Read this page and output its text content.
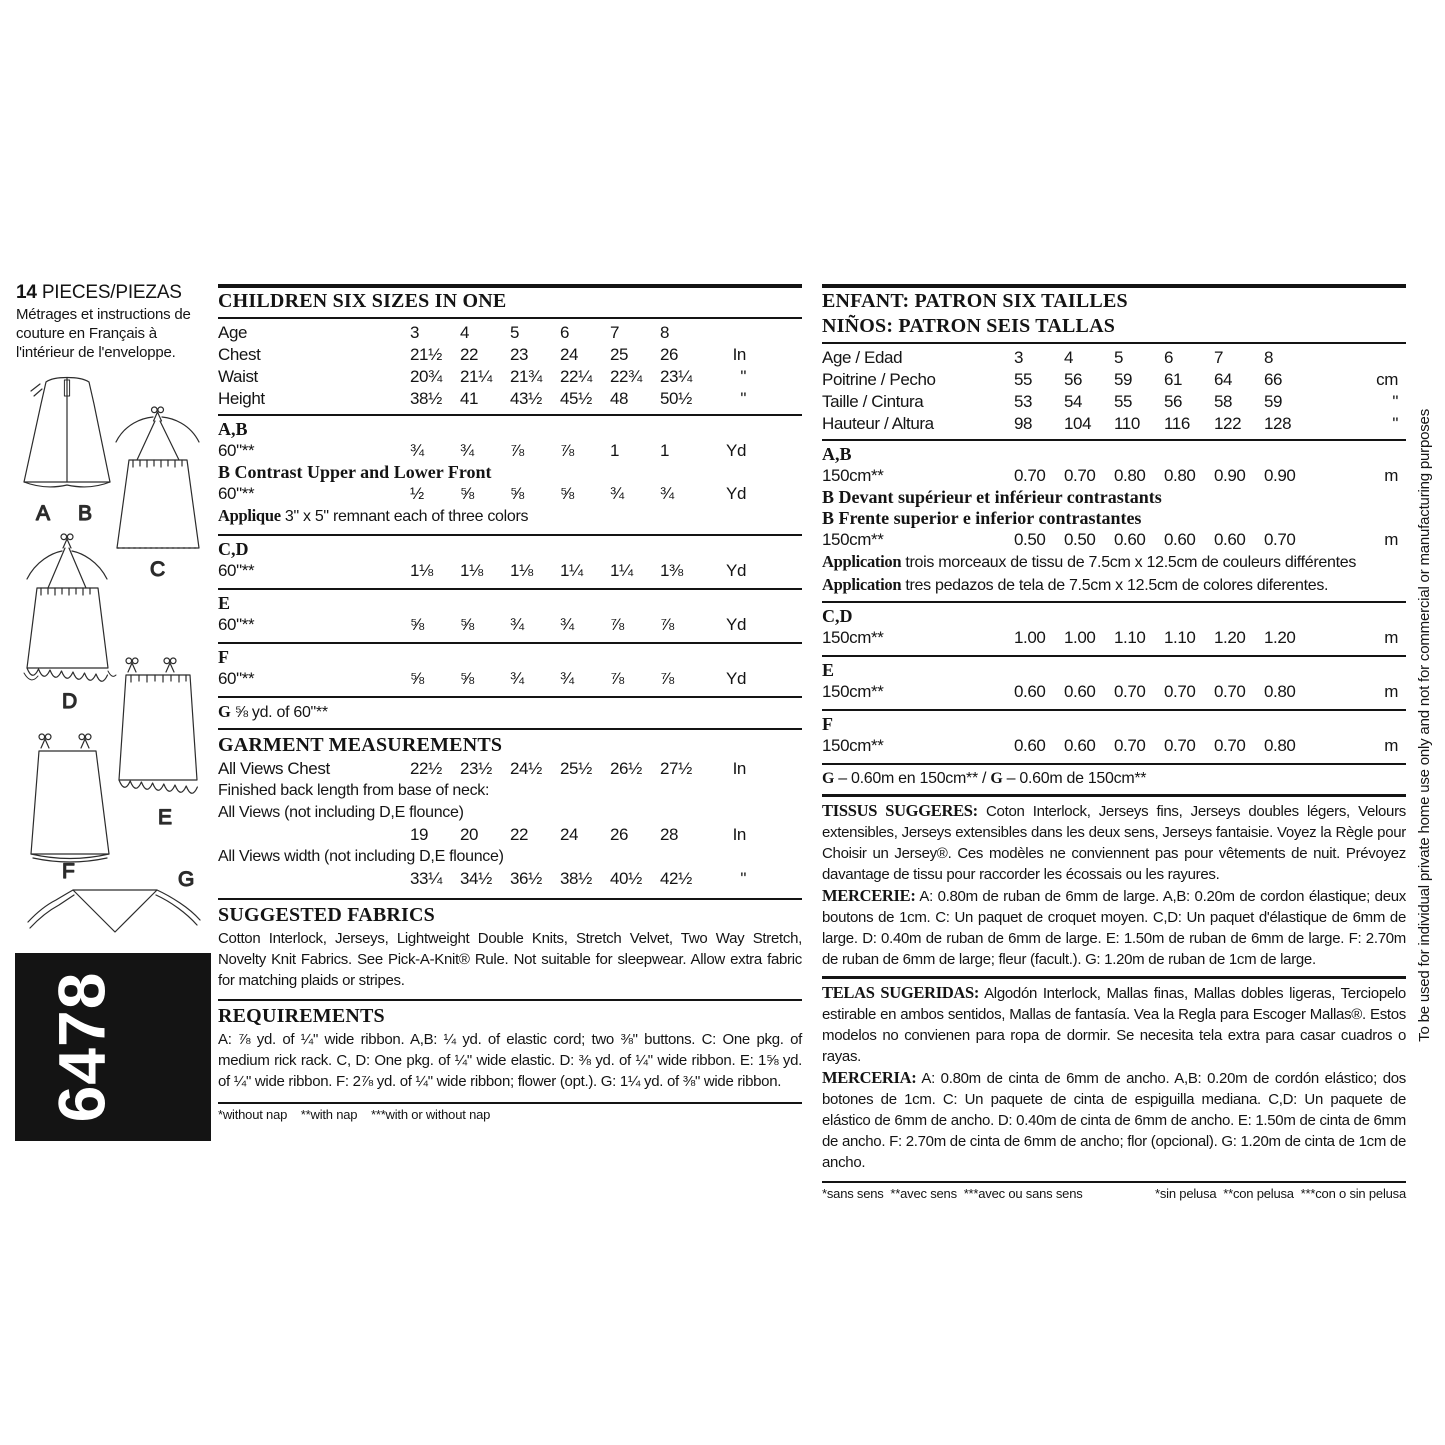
14 PIECES/PIEZAS
Métrages et instructions de couture en Français à l'intérieur de l'enveloppe.
A B
C
D
E
F	G
6478
CHILDREN SIX SIZES IN ONE
Age	3	4	5	6	7	8
Chest	21½	22	23	24	25	26	In
Waist	20¾	21¼	21¾	22¼	22¾	23¼	"
Height	38½	41	43½	45½	48	50½	"
A,B
60"**	¾	¾	⅞	⅞	1	1	Yd
B Contrast Upper and Lower Front
60"**	½	⅝	⅝	⅝	¾	¾	Yd
Applique 3" x 5" remnant each of three colors
C,D
60"**	1⅛	1⅛	1⅛	1¼	1¼	1⅜	Yd
E
60"**	⅝	⅝	¾	¾	⅞	⅞	Yd
F
60"**	⅝	⅝	¾	¾	⅞	⅞	Yd
G ⅝ yd. of 60"**
GARMENT MEASUREMENTS
All Views Chest	22½	23½	24½	25½	26½	27½	In
Finished back length from base of neck:
All Views (not including D,E flounce)
19	20	22	24	26	28	In
All Views width (not including D,E flounce)
33¼	34½	36½	38½	40½	42½	"
SUGGESTED FABRICS
Cotton Interlock, Jerseys, Lightweight Double Knits, Stretch Velvet, Two Way Stretch, Novelty Knit Fabrics. See Pick-A-Knit® Rule. Not suitable for sleepwear. Allow extra fabric for matching plaids or stripes.
REQUIREMENTS
A: ⅞ yd. of ¼" wide ribbon. A,B: ¼ yd. of elastic cord; two ⅜" buttons. C: One pkg. of medium rick rack. C, D: One pkg. of ¼" wide elastic. D: ⅜ yd. of ¼" wide ribbon. E: 1⅝ yd. of ¼" wide ribbon. F: 2⅞ yd. of ¼" wide ribbon; flower (opt.). G: 1¼ yd. of ⅜" wide ribbon.
*without nap    **with nap    ***with or without nap
ENFANT: PATRON SIX TAILLES
NIÑOS: PATRON SEIS TALLAS
Age / Edad	3	4	5	6	7	8
Poitrine / Pecho	55	56	59	61	64	66	cm
Taille / Cintura	53	54	55	56	58	59	"
Hauteur / Altura	98	104	110	116	122	128	"
A,B
150cm**	0.70	0.70	0.80	0.80	0.90	0.90	m
B Devant supérieur et inférieur contrastants
B Frente superior e inferior contrastantes
150cm**	0.50	0.50	0.60	0.60	0.60	0.70	m
Application trois morceaux de tissu de 7.5cm x 12.5cm de couleurs différentes
Application tres pedazos de tela de 7.5cm x 12.5cm de colores diferentes.
C,D
150cm**	1.00	1.00	1.10	1.10	1.20	1.20	m
E
150cm**	0.60	0.60	0.70	0.70	0.70	0.80	m
F
150cm**	0.60	0.60	0.70	0.70	0.70	0.80	m
G – 0.60m en 150cm** / G – 0.60m de 150cm**
TISSUS SUGGERES: Coton Interlock, Jerseys fins, Jerseys doubles légers, Velours extensibles, Jerseys extensibles dans les deux sens, Jerseys fantaisie. Voyez la Règle pour Choisir un Jersey®. Ces modèles ne conviennent pas pour vêtements de nuit. Prévoyez davantage de tissu pour raccorder les écossais ou les rayures.
MERCERIE: A: 0.80m de ruban de 6mm de large. A,B: 0.20m de cordon élastique; deux boutons de 1cm. C: Un paquet de croquet moyen. C,D: Un paquet d'élastique de 6mm de large. D: 0.40m de ruban de 6mm de large. E: 1.50m de ruban de 6mm de large. F: 2.70m de ruban de 6mm de large; fleur (facult.). G: 1.20m de ruban de 1cm de large.
TELAS SUGERIDAS: Algodón Interlock, Mallas finas, Mallas dobles ligeras, Terciopelo estirable en ambos sentidos, Mallas de fantasía. Vea la Regla para Escoger Mallas®. Estos modelos no convienen para ropa de dormir. Se necesita tela extra para casar cuadros o rayas.
MERCERIA: A: 0.80m de cinta de 6mm de ancho. A,B: 0.20m de cordón elástico; dos botones de 1cm. C: Un paquete de cinta de espiguilla mediana. C,D: Un paquete de elástico de 6mm de ancho. D: 0.40m de cinta de 6mm de ancho. E: 1.50m de cinta de 6mm de ancho. F: 2.70m de cinta de 6mm de ancho; flor (opcional). G: 1.20m de cinta de 1cm de ancho.
*sans sens  **avec sens  ***avec ou sans sens	*sin pelusa  **con pelusa  ***con o sin pelusa
To be used for individual private home use only and not for commercial or manufacturing purposes
